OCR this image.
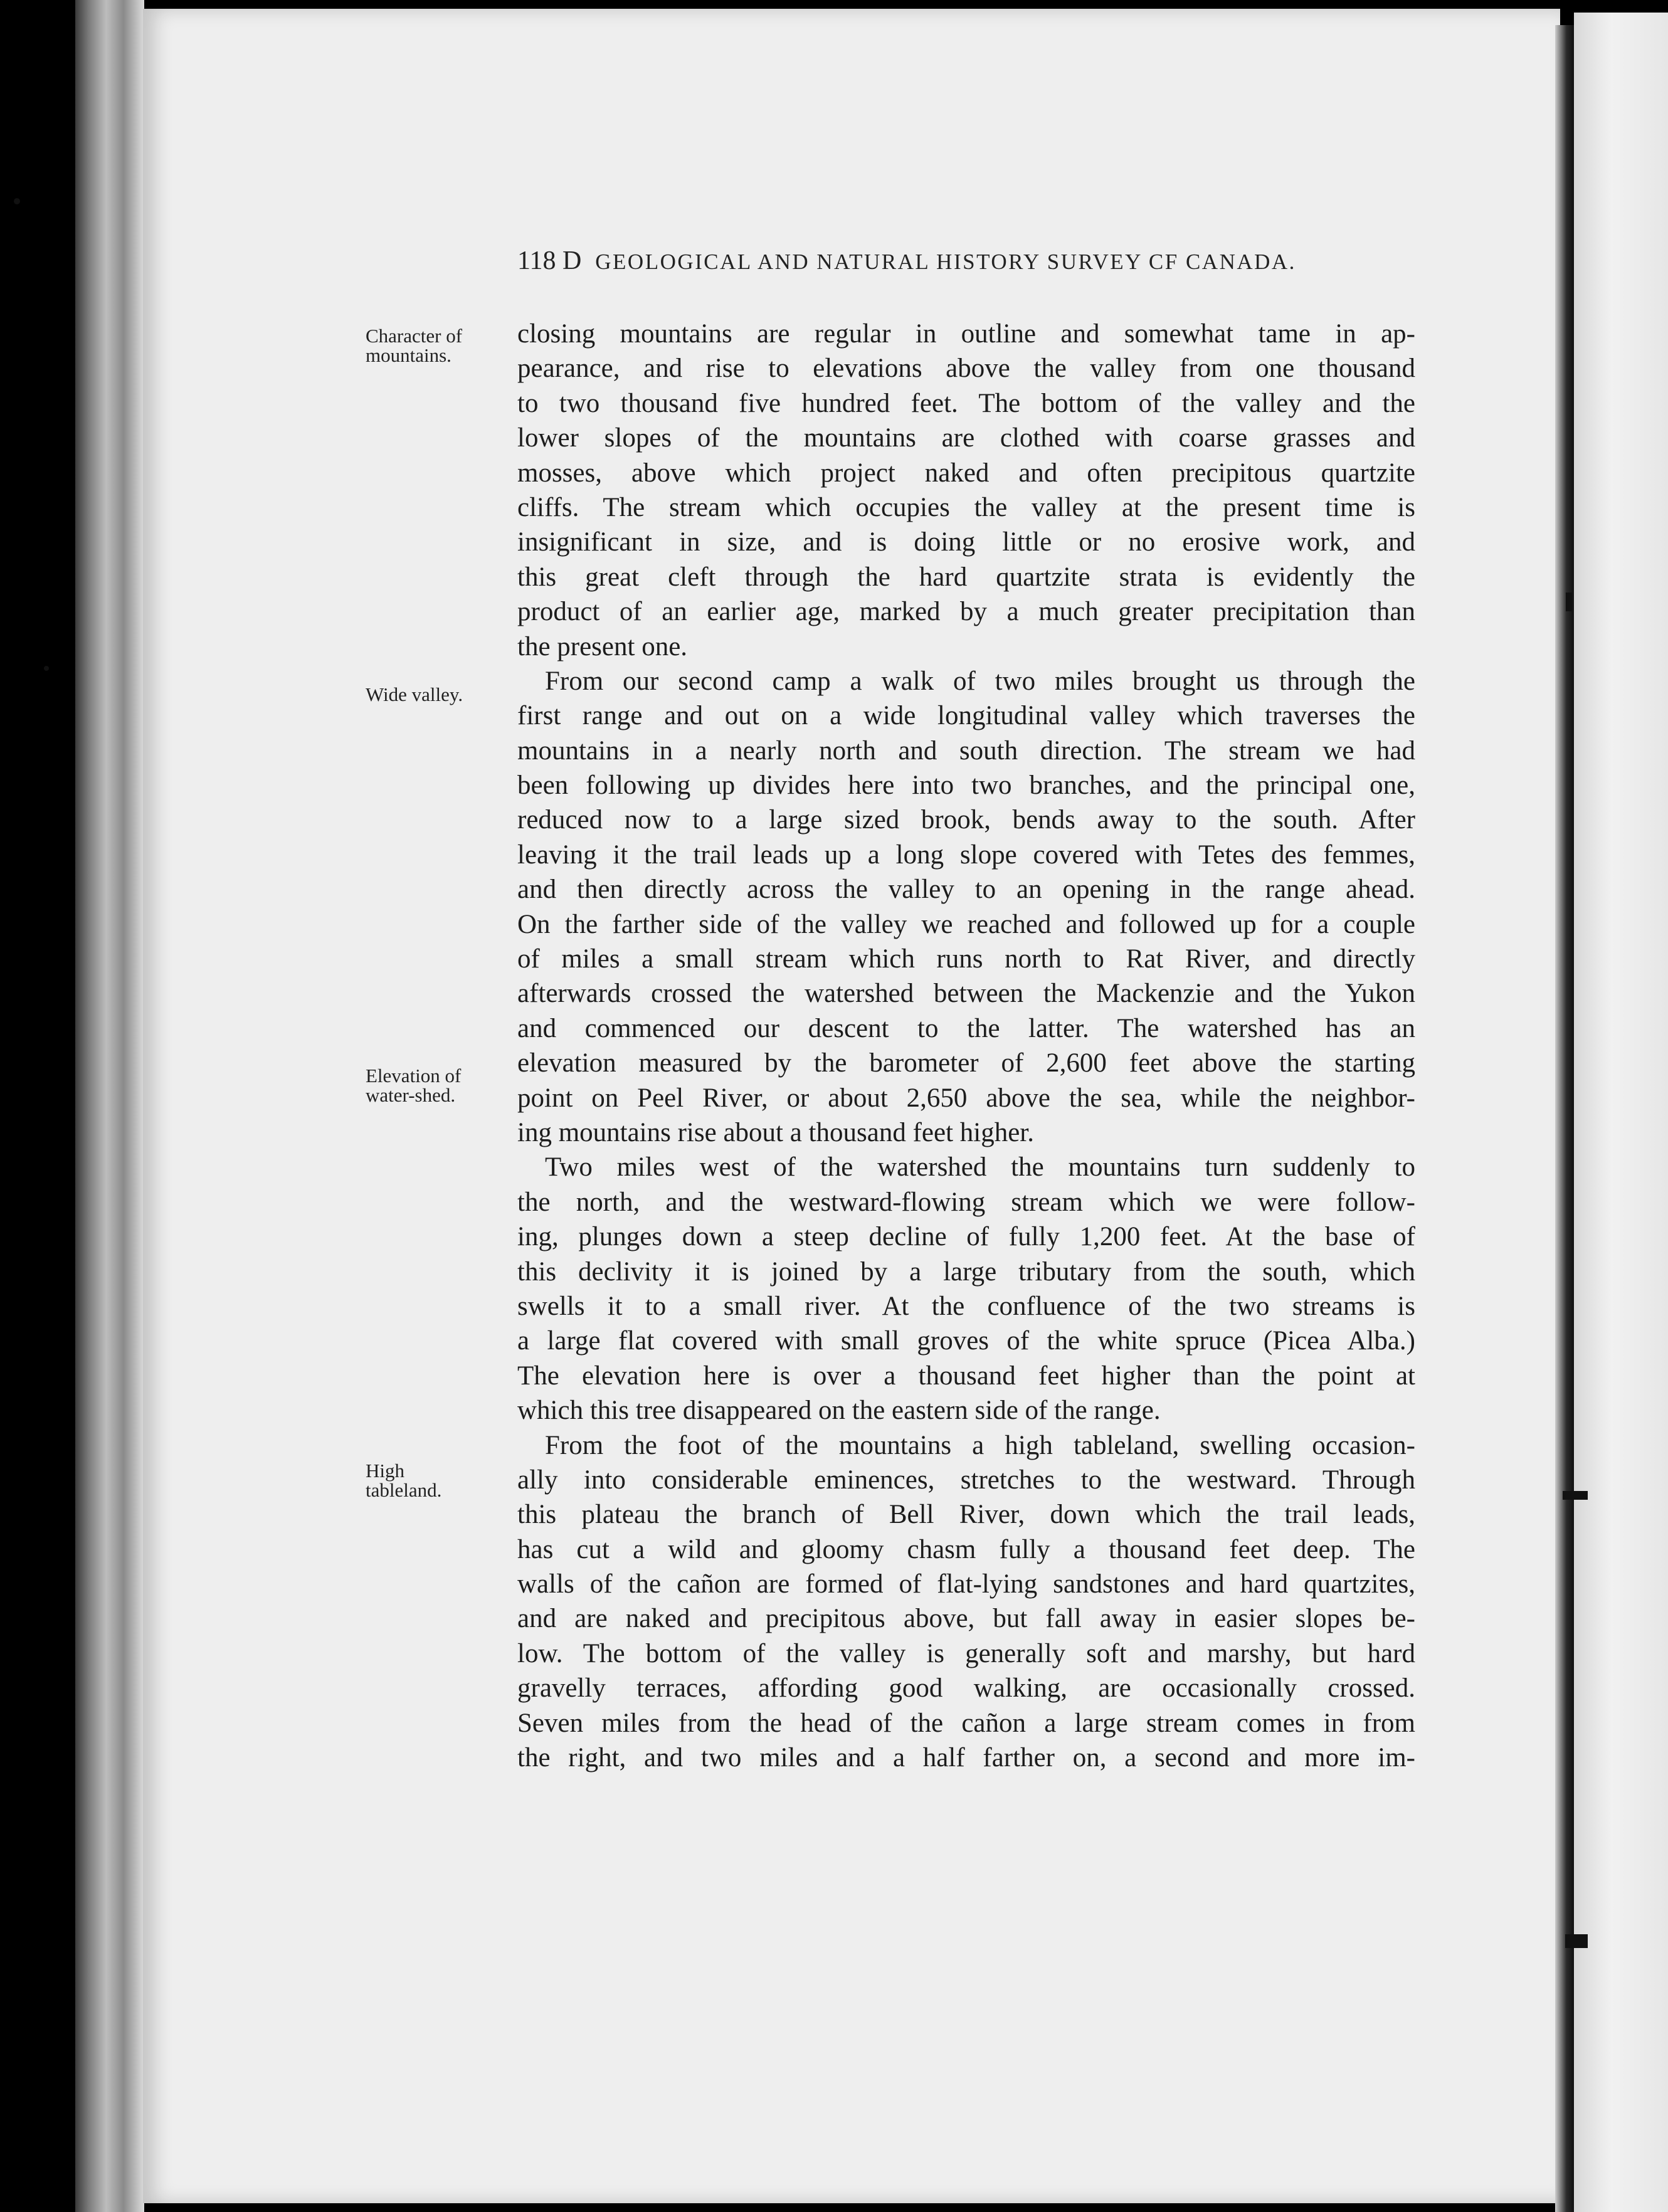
118 D GEOLOGICAL AND NATURAL HISTORY SURVEY CF CANADA.
Character of
mountains.
Wide valley.
Elevation of
water-shed.
High
tableland.
closing mountains are regular in outline and somewhat tame in ap-
pearance, and rise to elevations above the valley from one thousand
to two thousand five hundred feet. The bottom of the valley and the
lower slopes of the mountains are clothed with coarse grasses and
mosses, above which project naked and often precipitous quartzite
cliffs. The stream which occupies the valley at the present time is
insignificant in size, and is doing little or no erosive work, and
this great cleft through the hard quartzite strata is evidently the
product of an earlier age, marked by a much greater precipitation than
the present one.
From our second camp a walk of two miles brought us through the
first range and out on a wide longitudinal valley which traverses the
mountains in a nearly north and south direction. The stream we had
been following up divides here into two branches, and the principal one,
reduced now to a large sized brook, bends away to the south. After
leaving it the trail leads up a long slope covered with Tetes des femmes,
and then directly across the valley to an opening in the range ahead.
On the farther side of the valley we reached and followed up for a couple
of miles a small stream which runs north to Rat River, and directly
afterwards crossed the watershed between the Mackenzie and the Yukon
and commenced our descent to the latter. The watershed has an
elevation measured by the barometer of 2,600 feet above the starting
point on Peel River, or about 2,650 above the sea, while the neighbor-
ing mountains rise about a thousand feet higher.
Two miles west of the watershed the mountains turn suddenly to
the north, and the westward-flowing stream which we were follow-
ing, plunges down a steep decline of fully 1,200 feet. At the base of
this declivity it is joined by a large tributary from the south, which
swells it to a small river. At the confluence of the two streams is
a large flat covered with small groves of the white spruce (Picea Alba.)
The elevation here is over a thousand feet higher than the point at
which this tree disappeared on the eastern side of the range.
From the foot of the mountains a high tableland, swelling occasion-
ally into considerable eminences, stretches to the westward. Through
this plateau the branch of Bell River, down which the trail leads,
has cut a wild and gloomy chasm fully a thousand feet deep. The
walls of the cañon are formed of flat-lying sandstones and hard quartzites,
and are naked and precipitous above, but fall away in easier slopes be-
low. The bottom of the valley is generally soft and marshy, but hard
gravelly terraces, affording good walking, are occasionally crossed.
Seven miles from the head of the cañon a large stream comes in from
the right, and two miles and a half farther on, a second and more im-
